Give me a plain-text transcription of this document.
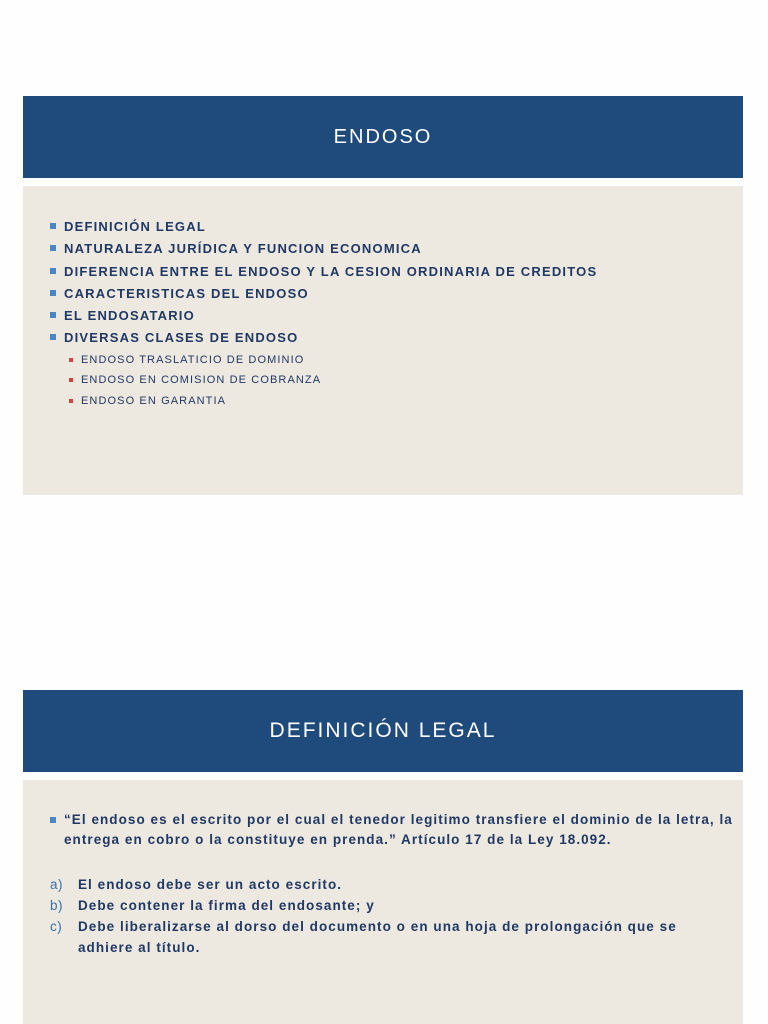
ENDOSO
DEFINICIÓN LEGAL
NATURALEZA JURÍDICA Y FUNCION ECONOMICA
DIFERENCIA ENTRE EL ENDOSO Y LA CESION ORDINARIA DE CREDITOS
CARACTERISTICAS DEL ENDOSO
EL ENDOSATARIO
DIVERSAS CLASES DE ENDOSO
ENDOSO TRASLATICIO DE DOMINIO
ENDOSO EN COMISION DE COBRANZA
ENDOSO EN GARANTIA
DEFINICIÓN LEGAL
“El endoso es el escrito por el cual el tenedor legitimo transfiere el dominio de la letra, la entrega en cobro o la constituye en prenda.” Artículo 17 de la Ley 18.092.
a) El endoso debe ser un acto escrito.
b) Debe contener la firma del endosante; y
c) Debe liberalizarse al dorso del documento o en una hoja de prolongación que se adhiere al título.
